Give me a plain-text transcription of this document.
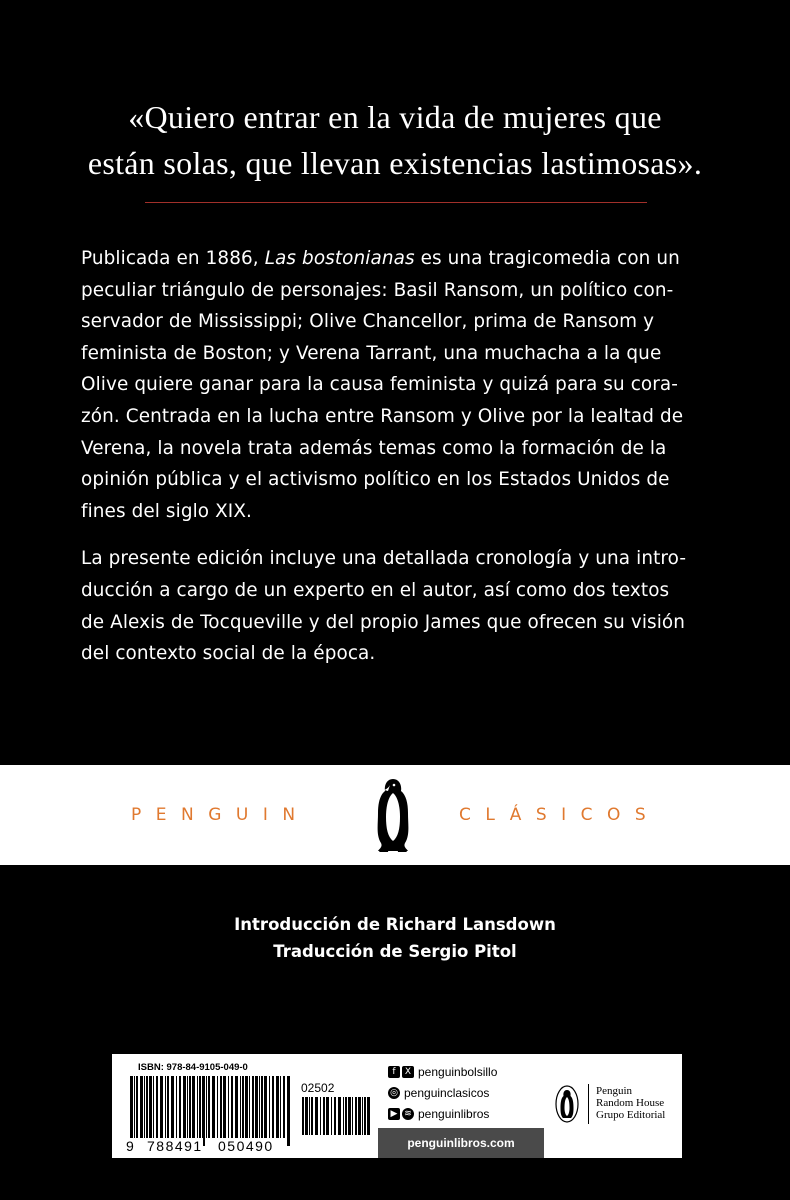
«Quiero entrar en la vida de mujeres que
están solas, que llevan existencias lastimosas».

Publicada en 1886, Las bostonianas es una tragicomedia con un
peculiar triángulo de personajes: Basil Ransom, un político con-
servador de Mississippi; Olive Chancellor, prima de Ransom y
feminista de Boston; y Verena Tarrant, una muchacha a la que
Olive quiere ganar para la causa feminista y quizá para su cora-
zón. Centrada en la lucha entre Ransom y Olive por la lealtad de
Verena, la novela trata además temas como la formación de la
opinión pública y el activismo político en los Estados Unidos de
fines del siglo XIX.

La presente edición incluye una detallada cronología y una intro-
ducción a cargo de un experto en el autor, así como dos textos
de Alexis de Tocqueville y del propio James que ofrecen su visión
del contexto social de la época.

PENGUIN	CLÁSICOS
Introducción de Richard Lansdown
Traducción de Sergio Pitol
ISBN: 978-84-9105-049-0
02502
9 788491 050490
f	X penguinbolsillo
◎ penguinclasicos
▶ ≋ penguinlibros
penguinlibros.com
Penguin
Random House
Grupo Editorial
